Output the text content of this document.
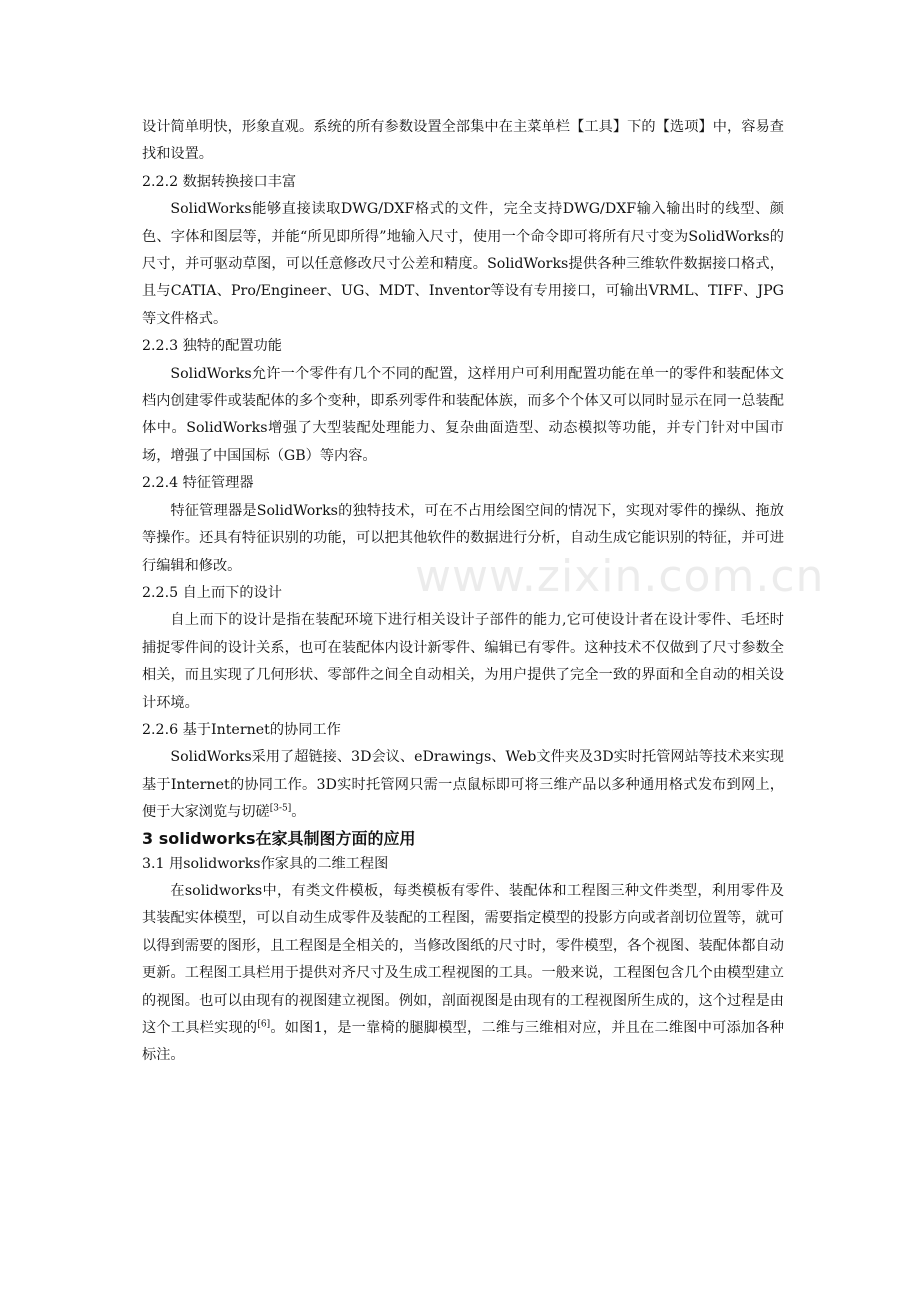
www.zixin.com.cn

设计简单明快，形象直观。系统的所有参数设置全部集中在主菜单栏【工具】下的【选项】中，容易查找和设置。

2.2.2 数据转换接口丰富

SolidWorks能够直接读取DWG/DXF格式的文件，完全支持DWG/DXF输入输出时的线型、颜色、字体和图层等，并能“所见即所得”地输入尺寸，使用一个命令即可将所有尺寸变为SolidWorks的尺寸，并可驱动草图，可以任意修改尺寸公差和精度。SolidWorks提供各种三维软件数据接口格式，且与CATIA、Pro/Engineer、UG、MDT、Inventor等设有专用接口，可输出VRML、TIFF、JPG等文件格式。

2.2.3 独特的配置功能

SolidWorks允许一个零件有几个不同的配置，这样用户可利用配置功能在单一的零件和装配体文档内创建零件或装配体的多个变种，即系列零件和装配体族，而多个个体又可以同时显示在同一总装配体中。SolidWorks增强了大型装配处理能力、复杂曲面造型、动态模拟等功能，并专门针对中国市场，增强了中国国标（GB）等内容。

2.2.4 特征管理器

特征管理器是SolidWorks的独特技术，可在不占用绘图空间的情况下，实现对零件的操纵、拖放等操作。还具有特征识别的功能，可以把其他软件的数据进行分析，自动生成它能识别的特征，并可进行编辑和修改。

2.2.5 自上而下的设计

自上而下的设计是指在装配环境下进行相关设计子部件的能力,它可使设计者在设计零件、毛坯时捕捉零件间的设计关系，也可在装配体内设计新零件、编辑已有零件。这种技术不仅做到了尺寸参数全相关，而且实现了几何形状、零部件之间全自动相关，为用户提供了完全一致的界面和全自动的相关设计环境。

2.2.6 基于Internet的协同工作

SolidWorks采用了超链接、3D会议、eDrawings、Web文件夹及3D实时托管网站等技术来实现基于Internet的协同工作。3D实时托管网只需一点鼠标即可将三维产品以多种通用格式发布到网上，便于大家浏览与切磋[3-5]。

3 solidworks在家具制图方面的应用

3.1 用solidworks作家具的二维工程图

在solidworks中，有类文件模板，每类模板有零件、装配体和工程图三种文件类型，利用零件及其装配实体模型，可以自动生成零件及装配的工程图，需要指定模型的投影方向或者剖切位置等，就可以得到需要的图形，且工程图是全相关的，当修改图纸的尺寸时，零件模型，各个视图、装配体都自动更新。工程图工具栏用于提供对齐尺寸及生成工程视图的工具。一般来说，工程图包含几个由模型建立的视图。也可以由现有的视图建立视图。例如，剖面视图是由现有的工程视图所生成的，这个过程是由这个工具栏实现的[6]。如图1，是一靠椅的腿脚模型，二维与三维相对应，并且在二维图中可添加各种标注。
